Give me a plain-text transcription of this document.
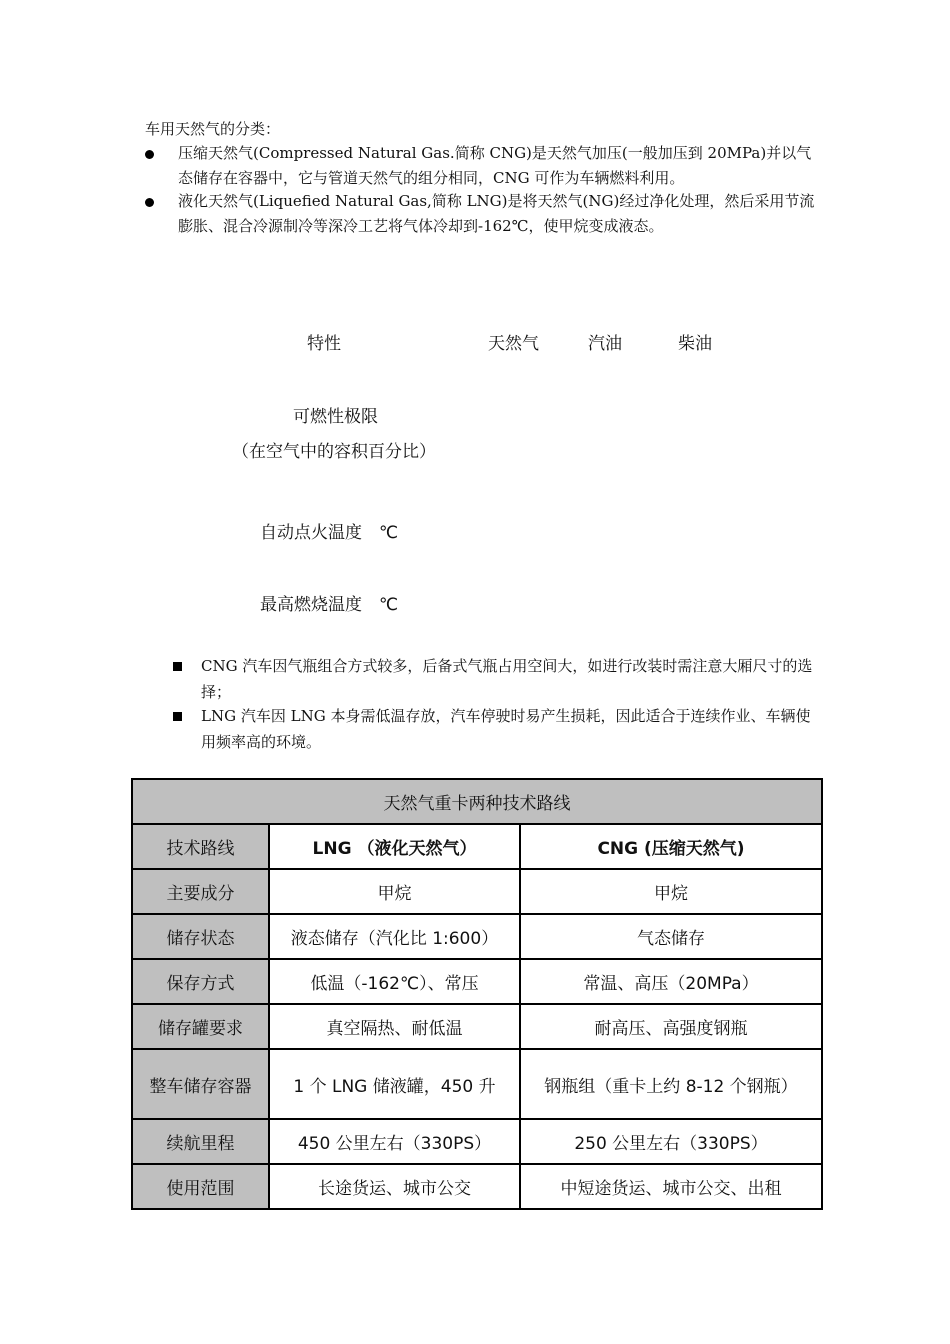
车用天然气的分类：
压缩天然气(Compressed Natural Gas.简称 CNG)是天然气加压(一般加压到 20MPa)并以气态储存在容器中，它与管道天然气的组分相同，CNG 可作为车辆燃料利用。
液化天然气(Liquefied Natural Gas,简称 LNG)是将天然气(NG)经过净化处理，然后采用节流膨胀、混合冷源制冷等深冷工艺将气体冷却到-162℃，使甲烷变成液态。
特性	天然气	汽油	柴油
可燃性极限
（在空气中的容积百分比）
自动点火温度　℃
最高燃烧温度　℃
CNG 汽车因气瓶组合方式较多，后备式气瓶占用空间大，如进行改装时需注意大厢尺寸的选择；
LNG 汽车因 LNG 本身需低温存放，汽车停驶时易产生损耗，因此适合于连续作业、车辆使用频率高的环境。
天然气重卡两种技术路线		
技术路线	LNG （液化天然气）	CNG (压缩天然气)
主要成分	甲烷	甲烷
储存状态	液态储存（汽化比 1:600）	气态储存
保存方式	低温（-162℃）、常压	常温、高压（20MPa）
储存罐要求	真空隔热、耐低温	耐高压、高强度钢瓶
整车储存容器	1 个 LNG 储液罐，450 升	钢瓶组（重卡上约 8-12 个钢瓶）
续航里程	450 公里左右（330PS）	250 公里左右（330PS）
使用范围	长途货运、城市公交	中短途货运、城市公交、出租
